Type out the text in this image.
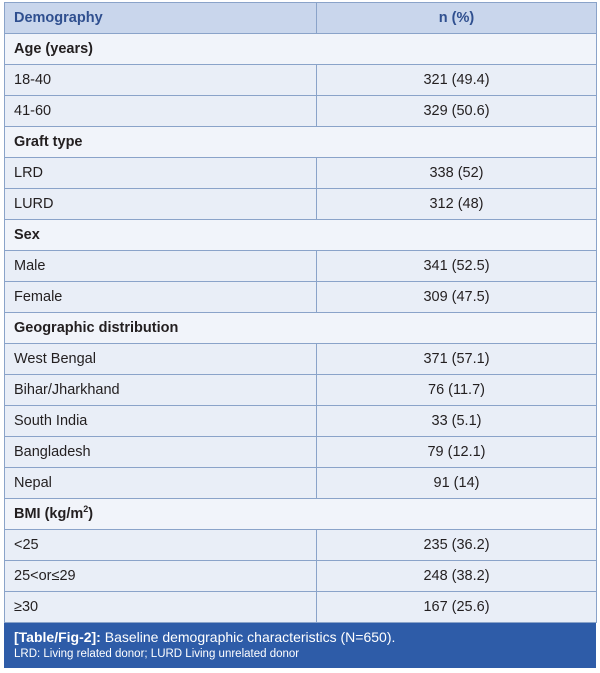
Demography	n (%)
Age (years)	
18-40	321 (49.4)
41-60	329 (50.6)
Graft type	
LRD	338 (52)
LURD	312 (48)
Sex	
Male	341 (52.5)
Female	309 (47.5)
Geographic distribution	
West Bengal	371 (57.1)
Bihar/Jharkhand	76 (11.7)
South India	33 (5.1)
Bangladesh	79 (12.1)
Nepal	91 (14)
BMI $(kg/m^2)$	
<25	235 (36.2)
25<or≤29	248 (38.2)
≥30	167 (25.6)
[Table/Fig-2]: Baseline demographic characteristics (N=650).
LRD: Living related donor; LURD Living unrelated donor
